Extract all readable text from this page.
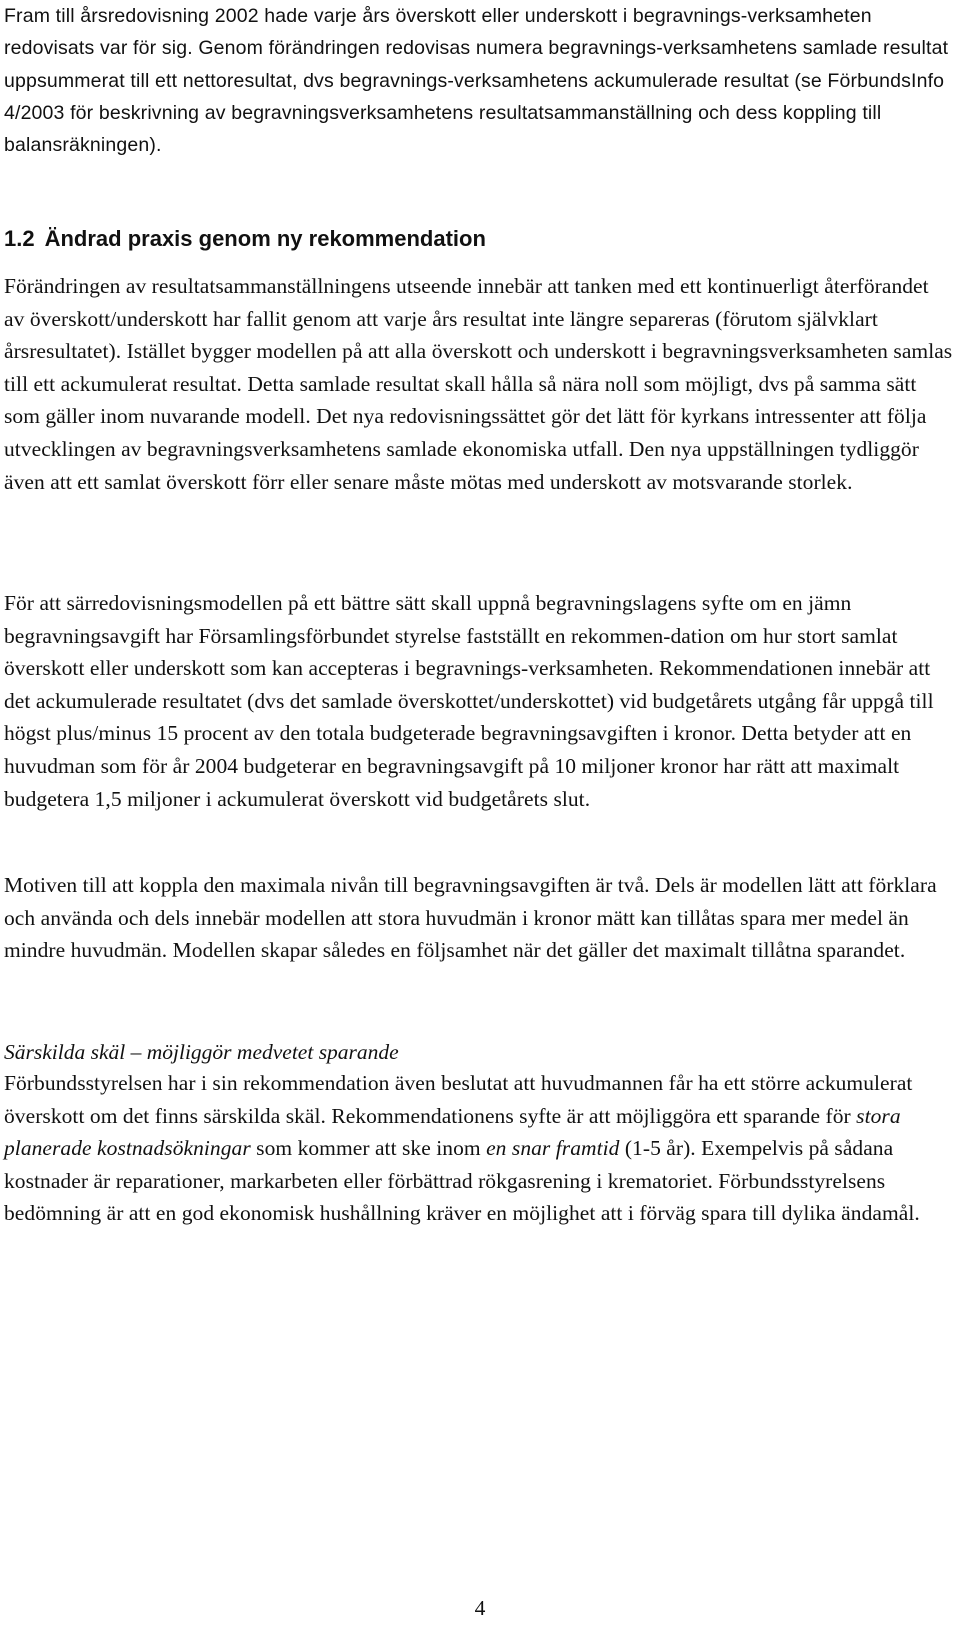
Fram till årsredovisning 2002 hade varje års överskott eller underskott i begravnings-verksamheten redovisats var för sig. Genom förändringen redovisas numera begravnings-verksamhetens samlade resultat uppsummerat till ett nettoresultat, dvs begravnings-verksamhetens ackumulerade resultat (se FörbundsInfo 4/2003 för beskrivning av begravningsverksamhetens resultatsammanställning och dess koppling till balansräkningen).

1.2 Ändrad praxis genom ny rekommendation

Förändringen av resultatsammanställningens utseende innebär att tanken med ett kontinuerligt återförandet av överskott/underskott har fallit genom att varje års resultat inte längre separeras (förutom självklart årsresultatet). Istället bygger modellen på att alla överskott och underskott i begravningsverksamheten samlas till ett ackumulerat resultat. Detta samlade resultat skall hålla så nära noll som möjligt, dvs på samma sätt som gäller inom nuvarande modell. Det nya redovisningssättet gör det lätt för kyrkans intressenter att följa utvecklingen av begravningsverksamhetens samlade ekonomiska utfall. Den nya uppställningen tydliggör även att ett samlat överskott förr eller senare måste mötas med underskott av motsvarande storlek.

För att särredovisningsmodellen på ett bättre sätt skall uppnå begravningslagens syfte om en jämn begravningsavgift har Församlingsförbundet styrelse fastställt en rekommen-dation om hur stort samlat överskott eller underskott som kan accepteras i begravnings-verksamheten. Rekommendationen innebär att det ackumulerade resultatet (dvs det samlade överskottet/underskottet) vid budgetårets utgång får uppgå till högst plus/minus 15 procent av den totala budgeterade begravningsavgiften i kronor. Detta betyder att en huvudman som för år 2004 budgeterar en begravningsavgift på 10 miljoner kronor har rätt att maximalt budgetera 1,5 miljoner i ackumulerat överskott vid budgetårets slut.

Motiven till att koppla den maximala nivån till begravningsavgiften är två. Dels är modellen lätt att förklara och använda och dels innebär modellen att stora huvudmän i kronor mätt kan tillåtas spara mer medel än mindre huvudmän. Modellen skapar således en följsamhet när det gäller det maximalt tillåtna sparandet.

Särskilda skäl – möjliggör medvetet sparande

Förbundsstyrelsen har i sin rekommendation även beslutat att huvudmannen får ha ett större ackumulerat överskott om det finns särskilda skäl. Rekommendationens syfte är att möjliggöra ett sparande för stora planerade kostnadsökningar som kommer att ske inom en snar framtid (1-5 år). Exempelvis på sådana kostnader är reparationer, markarbeten eller förbättrad rökgasrening i krematoriet. Förbundsstyrelsens bedömning är att en god ekonomisk hushållning kräver en möjlighet att i förväg spara till dylika ändamål.

4
